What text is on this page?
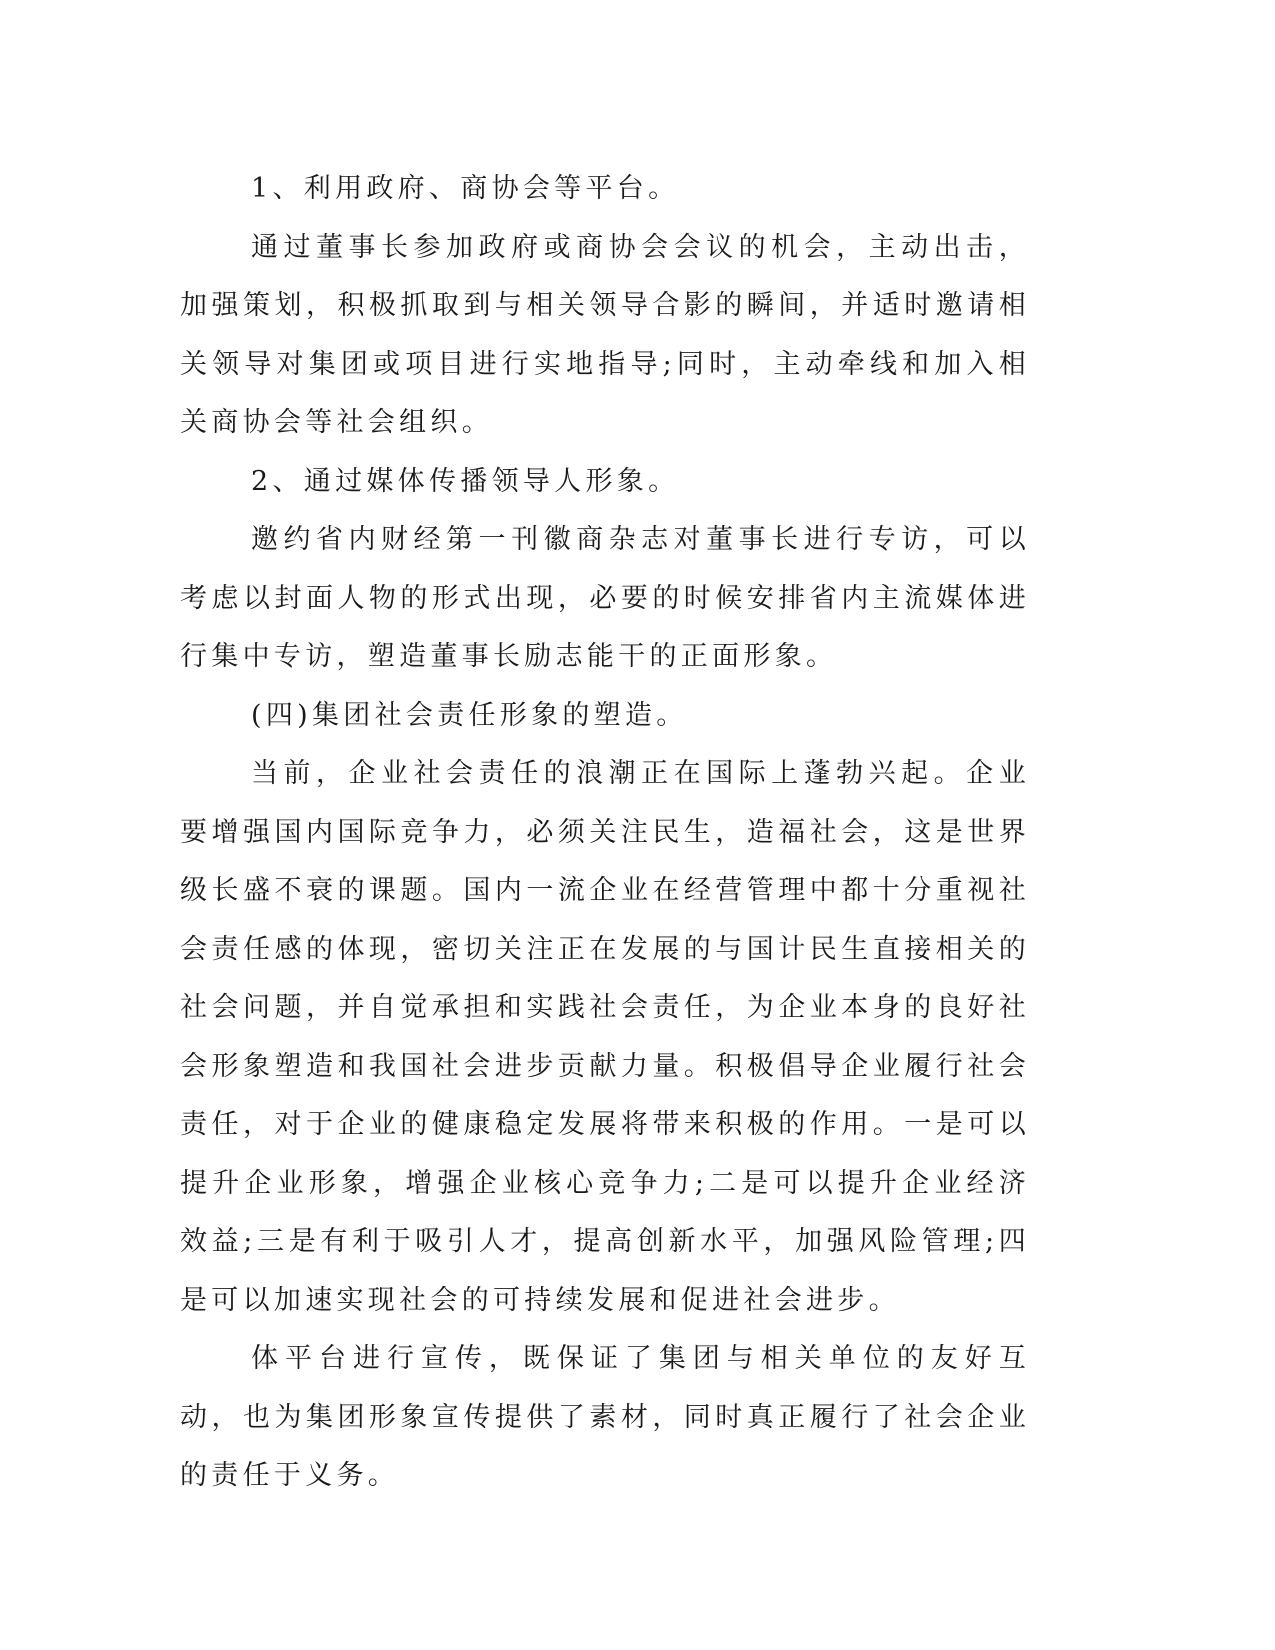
1、利用政府、商协会等平台。

通过董事长参加政府或商协会会议的机会，主动出击，加强策划，积极抓取到与相关领导合影的瞬间，并适时邀请相关领导对集团或项目进行实地指导;同时，主动牵线和加入相关商协会等社会组织。

2、通过媒体传播领导人形象。

邀约省内财经第一刊徽商杂志对董事长进行专访，可以考虑以封面人物的形式出现，必要的时候安排省内主流媒体进行集中专访，塑造董事长励志能干的正面形象。

(四)集团社会责任形象的塑造。

当前，企业社会责任的浪潮正在国际上蓬勃兴起。企业要增强国内国际竞争力，必须关注民生，造福社会，这是世界级长盛不衰的课题。国内一流企业在经营管理中都十分重视社会责任感的体现，密切关注正在发展的与国计民生直接相关的社会问题，并自觉承担和实践社会责任，为企业本身的良好社会形象塑造和我国社会进步贡献力量。积极倡导企业履行社会责任，对于企业的健康稳定发展将带来积极的作用。一是可以提升企业形象，增强企业核心竞争力;二是可以提升企业经济效益;三是有利于吸引人才，提高创新水平，加强风险管理;四是可以加速实现社会的可持续发展和促进社会进步。

体平台进行宣传，既保证了集团与相关单位的友好互动，也为集团形象宣传提供了素材，同时真正履行了社会企业的责任于义务。
